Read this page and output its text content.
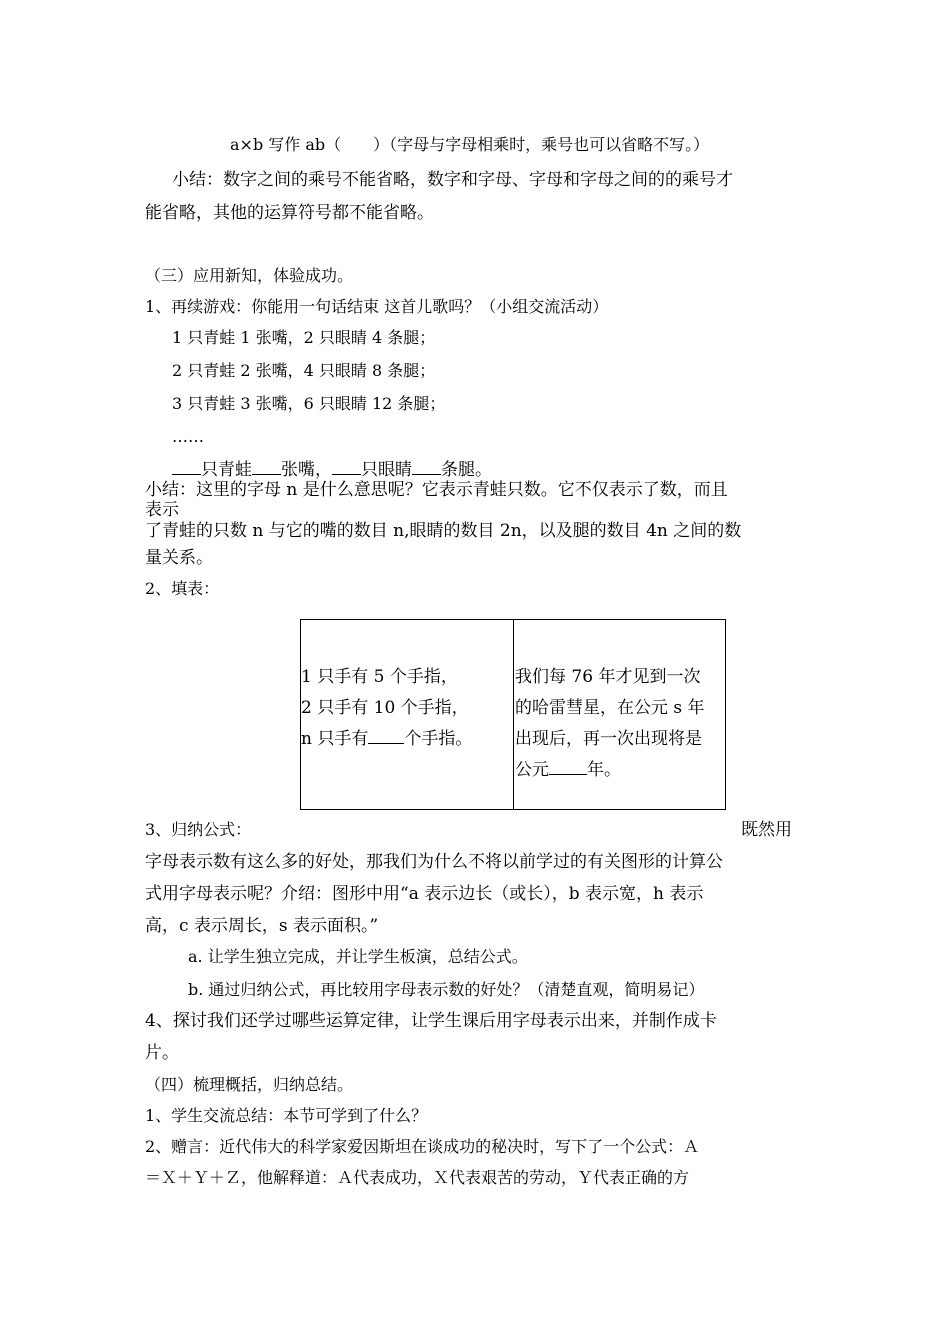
a×b 写作 ab（　　）（字母与字母相乘时，乘号也可以省略不写。）
小结：数字之间的乘号不能省略，数字和字母、字母和字母之间的的乘号才
能省略，其他的运算符号都不能省略。
（三）应用新知，体验成功。
1、再续游戏：你能用一句话结束 这首儿歌吗？（小组交流活动）
1 只青蛙 1 张嘴，2 只眼睛 4 条腿；
2 只青蛙 2 张嘴，4 只眼睛 8 条腿；
3 只青蛙 3 张嘴，6 只眼睛 12 条腿；
……
只青蛙 张嘴， 只眼睛 条腿。
小结：这里的字母 n 是什么意思呢？它表示青蛙只数。它不仅表示了数，而且
表示
了青蛙的只数 n 与它的嘴的数目 n,眼睛的数目 2n，以及腿的数目 4n 之间的数
量关系。
2、填表：
1 只手有 5 个手指，
2 只手有 10 个手指，
n 只手有 个手指。
我们每 76 年才见到一次
的哈雷彗星，在公元 s 年
出现后，再一次出现将是
公元 年。
3、归纳公式：	既然用
字母表示数有这么多的好处，那我们为什么不将以前学过的有关图形的计算公
式用字母表示呢？介绍：图形中用“a 表示边长（或长），b 表示宽，h 表示
高，c 表示周长，s 表示面积。”
a. 让学生独立完成，并让学生板演，总结公式。
b. 通过归纳公式，再比较用字母表示数的好处？（清楚直观，简明易记）
4、探讨我们还学过哪些运算定律，让学生课后用字母表示出来，并制作成卡
片。
（四）梳理概括，归纳总结。
1、学生交流总结：本节可学到了什么？
2、赠言：近代伟大的科学家爱因斯坦在谈成功的秘决时，写下了一个公式：Ａ
＝Ｘ＋Ｙ＋Ｚ，他解释道：Ａ代表成功，Ｘ代表艰苦的劳动，Ｙ代表正确的方
